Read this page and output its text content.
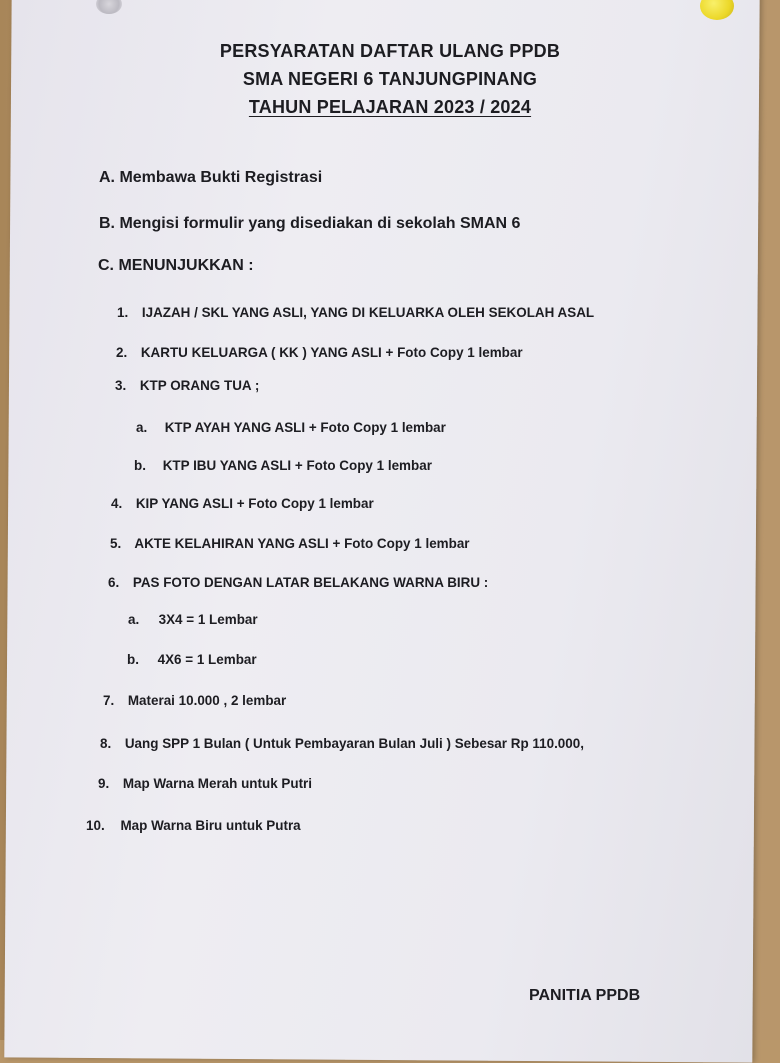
PERSYARATAN DAFTAR ULANG PPDB
SMA NEGERI 6 TANJUNGPINANG
TAHUN PELAJARAN 2023 / 2024
A. Membawa Bukti Registrasi
B. Mengisi formulir yang disediakan di sekolah SMAN 6
C. MENUNJUKKAN :
1. IJAZAH / SKL YANG ASLI, YANG DI KELUARKA OLEH SEKOLAH ASAL
2. KARTU KELUARGA ( KK ) YANG ASLI + Foto Copy 1 lembar
3. KTP ORANG TUA ;
a. KTP AYAH YANG ASLI + Foto Copy 1 lembar
b. KTP IBU YANG ASLI + Foto Copy 1 lembar
4. KIP YANG ASLI + Foto Copy 1 lembar
5. AKTE KELAHIRAN YANG ASLI + Foto Copy 1 lembar
6. PAS FOTO DENGAN LATAR BELAKANG WARNA BIRU :
a. 3X4 = 1 Lembar
b. 4X6 = 1 Lembar
7. Materai 10.000 , 2 lembar
8. Uang SPP 1 Bulan ( Untuk Pembayaran Bulan Juli ) Sebesar Rp 110.000,
9. Map Warna Merah untuk Putri
10. Map Warna Biru untuk Putra
PANITIA PPDB
